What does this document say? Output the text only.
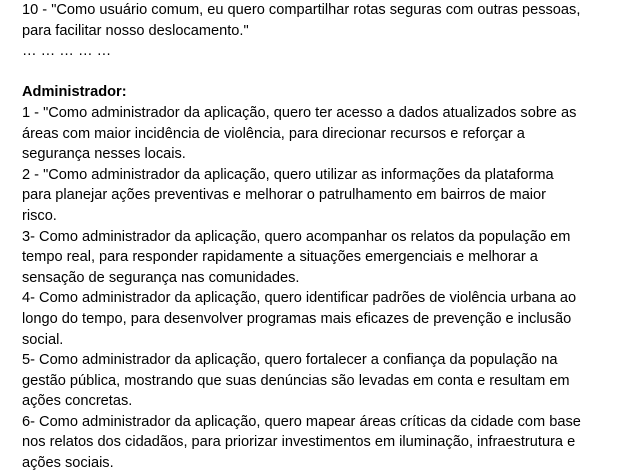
10 - "Como usuário comum, eu quero compartilhar rotas seguras com outras pessoas,
para facilitar nosso deslocamento."
… … … … …
Administrador:
1 - "Como administrador da aplicação, quero ter acesso a dados atualizados sobre as
áreas com maior incidência de violência, para direcionar recursos e reforçar a
segurança nesses locais.
2 - "Como administrador da aplicação, quero utilizar as informações da plataforma
para planejar ações preventivas e melhorar o patrulhamento em bairros de maior
risco.
3- Como administrador da aplicação, quero acompanhar os relatos da população em
tempo real, para responder rapidamente a situações emergenciais e melhorar a
sensação de segurança nas comunidades.
4- Como administrador da aplicação, quero identificar padrões de violência urbana ao
longo do tempo, para desenvolver programas mais eficazes de prevenção e inclusão
social.
5- Como administrador da aplicação, quero fortalecer a confiança da população na
gestão pública, mostrando que suas denúncias são levadas em conta e resultam em
ações concretas.
6- Como administrador da aplicação, quero mapear áreas críticas da cidade com base
nos relatos dos cidadãos, para priorizar investimentos em iluminação, infraestrutura e
ações sociais.
